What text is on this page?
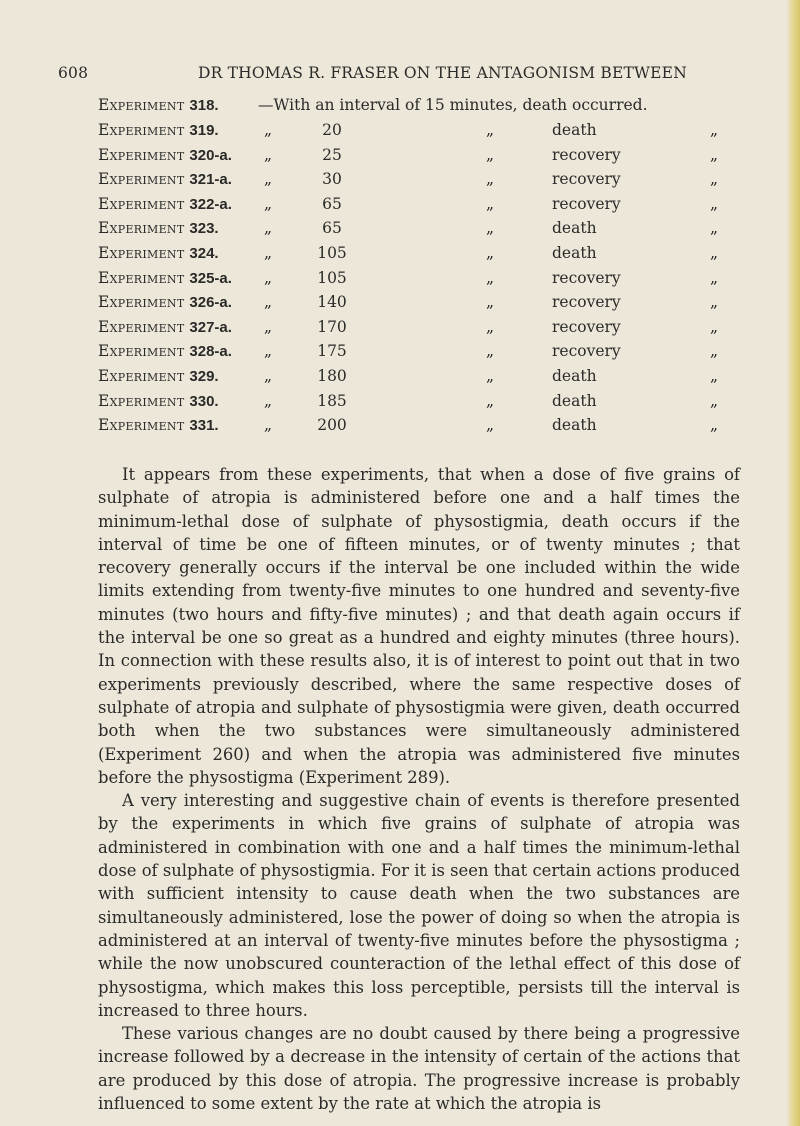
608	DR THOMAS R. FRASER ON THE ANTAGONISM BETWEEN
Experiment 318.	—With an interval of 15 minutes, death occurred.
Experiment 319.	„	20	„	death	„
Experiment 320-a.	„	25	„	recovery	„
Experiment 321-a.	„	30	„	recovery	„
Experiment 322-a.	„	65	„	recovery	„
Experiment 323.	„	65	„	death	„
Experiment 324.	„	105	„	death	„
Experiment 325-a.	„	105	„	recovery	„
Experiment 326-a.	„	140	„	recovery	„
Experiment 327-a.	„	170	„	recovery	„
Experiment 328-a.	„	175	„	recovery	„
Experiment 329.	„	180	„	death	„
Experiment 330.	„	185	„	death	„
Experiment 331.	„	200	„	death	„

It appears from these experiments, that when a dose of five grains of sulphate of atropia is administered before one and a half times the minimum-lethal dose of sulphate of physostigmia, death occurs if the interval of time be one of fifteen minutes, or of twenty minutes ; that recovery generally occurs if the interval be one included within the wide limits extending from twenty-five minutes to one hundred and seventy-five minutes (two hours and fifty-five minutes) ; and that death again occurs if the interval be one so great as a hundred and eighty minutes (three hours). In connection with these results also, it is of interest to point out that in two experiments previously described, where the same respective doses of sulphate of atropia and sulphate of physostigmia were given, death occurred both when the two substances were simultaneously administered (Experiment 260) and when the atropia was administered five minutes before the physostigma (Experiment 289).

A very interesting and suggestive chain of events is therefore presented by the experiments in which five grains of sulphate of atropia was administered in combination with one and a half times the minimum-lethal dose of sulphate of physostigmia. For it is seen that certain actions produced with sufficient intensity to cause death when the two substances are simultaneously administered, lose the power of doing so when the atropia is administered at an interval of twenty-five minutes before the physostigma ; while the now unobscured counteraction of the lethal effect of this dose of physostigma, which makes this loss perceptible, persists till the interval is increased to three hours.

These various changes are no doubt caused by there being a progressive increase followed by a decrease in the intensity of certain of the actions that are produced by this dose of atropia. The progressive increase is probably influenced to some extent by the rate at which the atropia is
